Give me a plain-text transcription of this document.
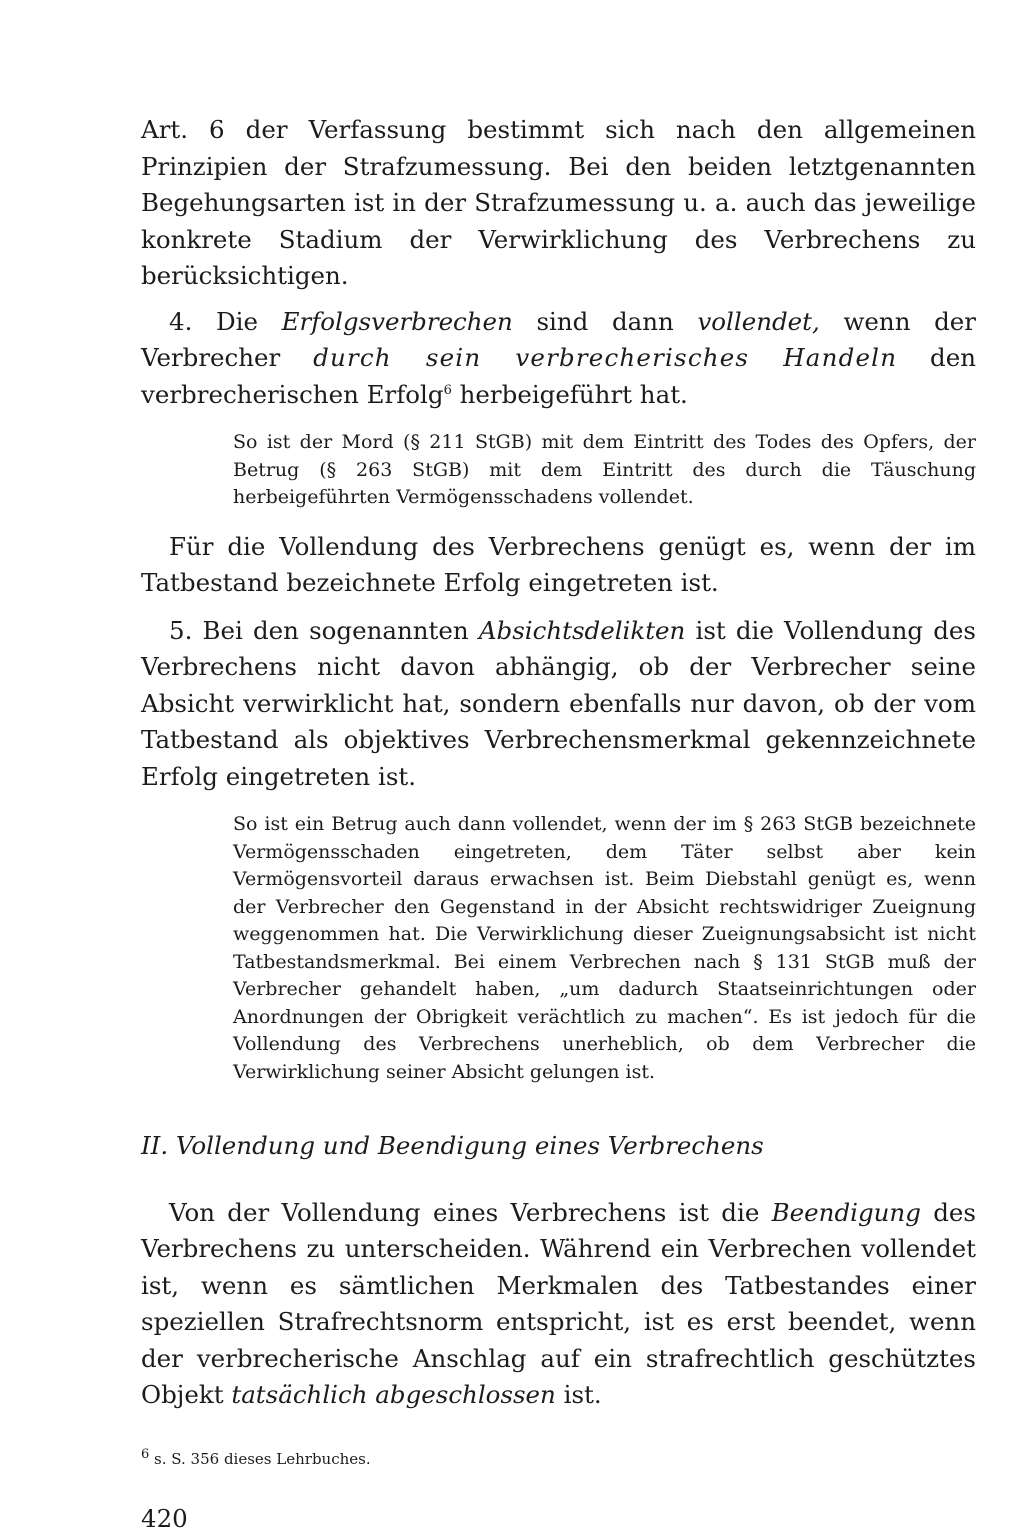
Art. 6 der Verfassung bestimmt sich nach den allgemeinen Prinzipien der Strafzumessung. Bei den beiden letztgenannten Begehungsarten ist in der Strafzumessung u. a. auch das jeweilige konkrete Stadium der Verwirklichung des Verbrechens zu berücksichtigen.

4. Die Erfolgsverbrechen sind dann vollendet, wenn der Verbrecher durch sein verbrecherisches Handeln den verbrecherischen Erfolg$^6$ herbeigeführt hat.

So ist der Mord (§ 211 StGB) mit dem Eintritt des Todes des Opfers, der Betrug (§ 263 StGB) mit dem Eintritt des durch die Täuschung herbeigeführten Vermögensschadens vollendet.

Für die Vollendung des Verbrechens genügt es, wenn der im Tatbestand bezeichnete Erfolg eingetreten ist.

5. Bei den sogenannten Absichtsdelikten ist die Vollendung des Verbrechens nicht davon abhängig, ob der Verbrecher seine Absicht verwirklicht hat, sondern ebenfalls nur davon, ob der vom Tatbestand als objektives Verbrechensmerkmal gekennzeichnete Erfolg eingetreten ist.

So ist ein Betrug auch dann vollendet, wenn der im § 263 StGB bezeichnete Vermögensschaden eingetreten, dem Täter selbst aber kein Vermögensvorteil daraus erwachsen ist. Beim Diebstahl genügt es, wenn der Verbrecher den Gegenstand in der Absicht rechtswidriger Zueignung weggenommen hat. Die Verwirklichung dieser Zueignungsabsicht ist nicht Tatbestandsmerkmal. Bei einem Verbrechen nach § 131 StGB muß der Verbrecher gehandelt haben, „um dadurch Staatseinrichtungen oder Anordnungen der Obrigkeit verächtlich zu machen“. Es ist jedoch für die Vollendung des Verbrechens unerheblich, ob dem Verbrecher die Verwirklichung seiner Absicht gelungen ist.

II. Vollendung und Beendigung eines Verbrechens

Von der Vollendung eines Verbrechens ist die Beendigung des Verbrechens zu unterscheiden. Während ein Verbrechen vollendet ist, wenn es sämtlichen Merkmalen des Tatbestandes einer speziellen Strafrechtsnorm entspricht, ist es erst beendet, wenn der verbrecherische Anschlag auf ein strafrechtlich geschütztes Objekt tatsächlich abgeschlossen ist.

$^6$ s. S. 356 dieses Lehrbuches.

420
